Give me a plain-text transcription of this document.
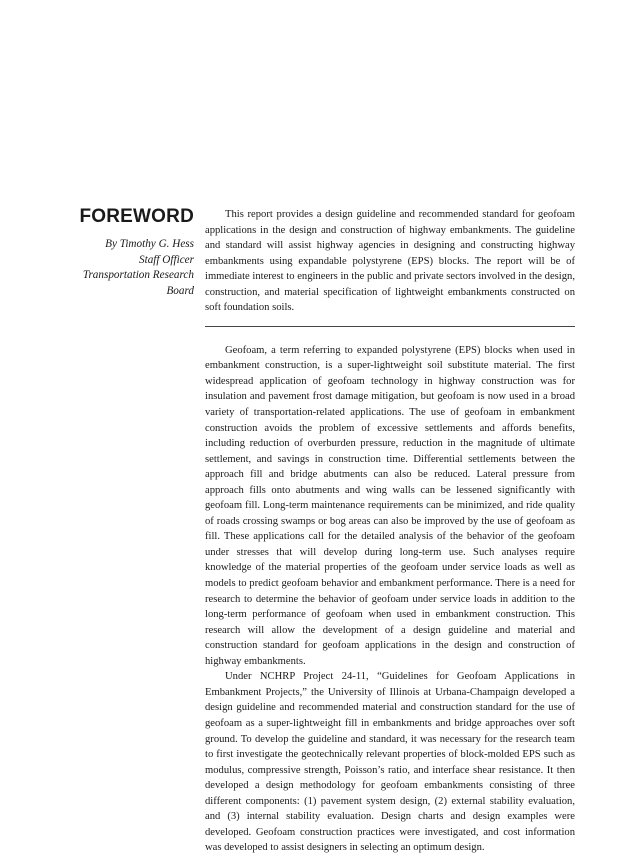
FOREWORD
By Timothy G. Hess
Staff Officer
Transportation Research
Board

This report provides a design guideline and recommended standard for geofoam applications in the design and construction of highway embankments. The guideline and standard will assist highway agencies in designing and constructing highway embankments using expandable polystyrene (EPS) blocks. The report will be of immediate interest to engineers in the public and private sectors involved in the design, construction, and material specification of lightweight embankments constructed on soft foundation soils.

Geofoam, a term referring to expanded polystyrene (EPS) blocks when used in embankment construction, is a super-lightweight soil substitute material. The first widespread application of geofoam technology in highway construction was for insulation and pavement frost damage mitigation, but geofoam is now used in a broad variety of transportation-related applications. The use of geofoam in embankment construction avoids the problem of excessive settlements and affords benefits, including reduction of overburden pressure, reduction in the magnitude of ultimate settlement, and savings in construction time. Differential settlements between the approach fill and bridge abutments can also be reduced. Lateral pressure from approach fills onto abutments and wing walls can be lessened significantly with geofoam fill. Long-term maintenance requirements can be minimized, and ride quality of roads crossing swamps or bog areas can also be improved by the use of geofoam as fill. These applications call for the detailed analysis of the behavior of the geofoam under stresses that will develop during long-term use. Such analyses require knowledge of the material properties of the geofoam under service loads as well as models to predict geofoam behavior and embankment performance. There is a need for research to determine the behavior of geofoam under service loads in addition to the long-term performance of geofoam when used in embankment construction. This research will allow the development of a design guideline and material and construction standard for geofoam applications in the design and construction of highway embankments.

Under NCHRP Project 24-11, “Guidelines for Geofoam Applications in Embankment Projects,” the University of Illinois at Urbana-Champaign developed a design guideline and recommended material and construction standard for the use of geofoam as a super-lightweight fill in embankments and bridge approaches over soft ground. To develop the guideline and standard, it was necessary for the research team to first investigate the geotechnically relevant properties of block-molded EPS such as modulus, compressive strength, Poisson’s ratio, and interface shear resistance. It then developed a design methodology for geofoam embankments consisting of three different components: (1) pavement system design, (2) external stability evaluation, and (3) internal stability evaluation. Design charts and design examples were developed. Geofoam construction practices were investigated, and cost information was developed to assist designers in selecting an optimum design.
